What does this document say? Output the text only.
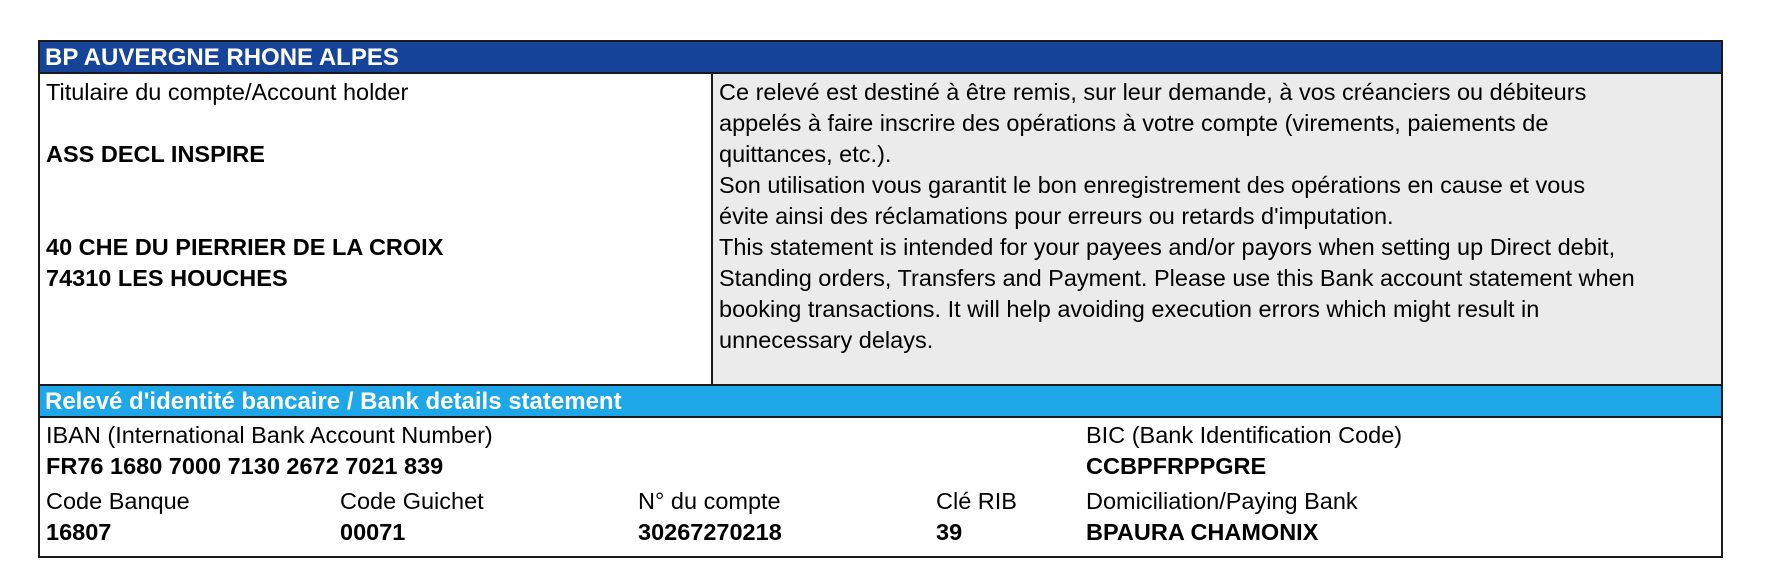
BP AUVERGNE RHONE ALPES
Titulaire du compte/Account holder
ASS DECL INSPIRE
40 CHE DU PIERRIER DE LA CROIX
74310 LES HOUCHES
Ce relevé est destiné à être remis, sur leur demande, à vos créanciers ou débiteurs
appelés à faire inscrire des opérations à votre compte (virements, paiements de
quittances, etc.).
Son utilisation vous garantit le bon enregistrement des opérations en cause et vous
évite ainsi des réclamations pour erreurs ou retards d'imputation.
This statement is intended for your payees and/or payors when setting up Direct debit,
Standing orders, Transfers and Payment. Please use this Bank account statement when
booking transactions. It will help avoiding execution errors which might result in
unnecessary delays.
Relevé d'identité bancaire / Bank details statement
IBAN (International Bank Account Number)
FR76 1680 7000 7130 2672 7021 839
BIC (Bank Identification Code)
CCBPFRPPGRE
Code Banque
16807
Code Guichet
00071
N° du compte
30267270218
Clé RIB
39
Domiciliation/Paying Bank
BPAURA CHAMONIX
